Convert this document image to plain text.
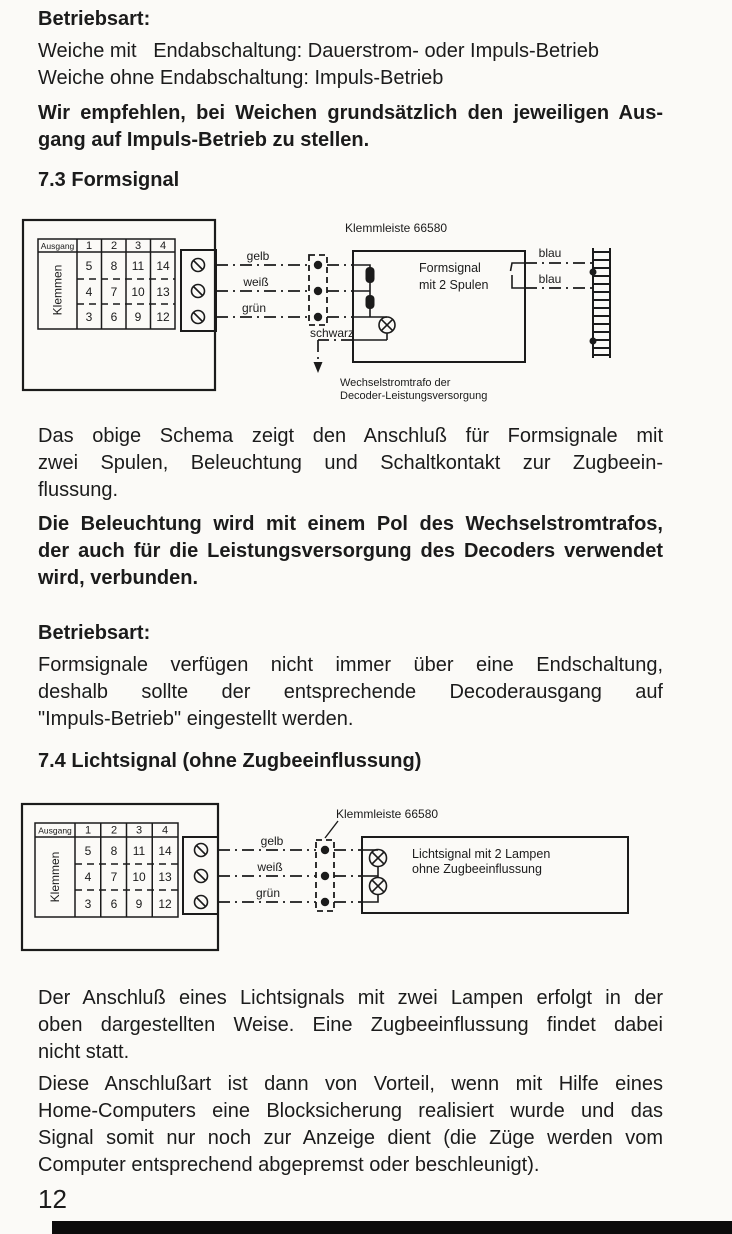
Betriebsart:
Weiche mit   Endabschaltung: Dauerstrom- oder Impuls-Betrieb
Weiche ohne Endabschaltung: Impuls-Betrieb
Wir empfehlen, bei Weichen grundsätzlich den jeweiligen Aus-
gang auf Impuls-Betrieb zu stellen.
7.3 Formsignal
Ausgang
Klemmen
1 2 3 4
5 8 11 14
4 7 10 13
3 6 9 12
gelb
weiß
grün
Klemmleiste 66580
Formsignal
mit 2 Spulen
blau
blau
schwarz
Wechselstromtrafo der
Decoder-Leistungsversorgung
Das obige Schema zeigt den Anschluß für Formsignale mit
zwei Spulen, Beleuchtung und Schaltkontakt zur Zugbeein-
flussung.
Die Beleuchtung wird mit einem Pol des Wechselstromtrafos,
der auch für die Leistungsversorgung des Decoders verwendet
wird, verbunden.
Betriebsart:
Formsignale verfügen nicht immer über eine Endschaltung,
deshalb sollte der entsprechende Decoderausgang auf
"Impuls-Betrieb" eingestellt werden.
7.4 Lichtsignal (ohne Zugbeeinflussung)
Ausgang
Klemmen
1 2 3 4
5 8 11 14
4 7 10 13
3 6 9 12
gelb
weiß
grün
Klemmleiste 66580
Lichtsignal mit 2 Lampen
ohne Zugbeeinflussung
Der Anschluß eines Lichtsignals mit zwei Lampen erfolgt in der
oben dargestellten Weise. Eine Zugbeeinflussung findet dabei
nicht statt.
Diese Anschlußart ist dann von Vorteil, wenn mit Hilfe eines
Home-Computers eine Blocksicherung realisiert wurde und das
Signal somit nur noch zur Anzeige dient (die Züge werden vom
Computer entsprechend abgepremst oder beschleunigt).
12
